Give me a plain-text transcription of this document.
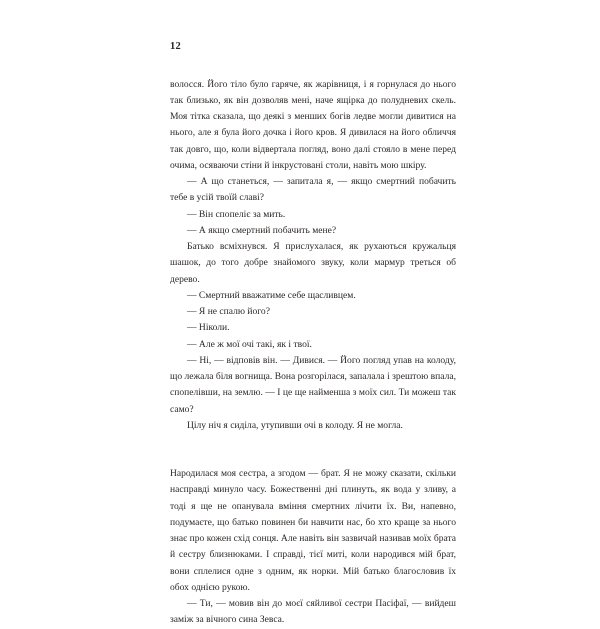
12

волосся. Його тіло було гаряче, як жарівниця, і я горнулася до нього так близько, як він дозволяв мені, наче ящірка до полудневих скель. Моя тітка сказала, що деякі з менших богів ледве могли дивитися на нього, але я була його дочка і його кров. Я дивилася на його обличчя так довго, що, коли відвертала погляд, воно далі стояло в мене перед очима, осяваючи стіни й інкрустовані столи, навіть мою шкіру.

— А що станеться, — запитала я, — якщо смертний побачить тебе в усій твоїй славі?

— Він спопеліє за мить.

— А якщо смертний побачить мене?

Батько всміхнувся. Я прислухалася, як рухаються кружальця шашок, до того добре знайомого звуку, коли мармур треться об дерево.

— Смертний вважатиме себе щасливцем.

— Я не спалю його?

— Ніколи.

— Але ж мої очі такі, як і твої.

— Ні, — відповів він. — Дивися. — Його погляд упав на колоду, що лежала біля вогнища. Вона розгорілася, запалала і зрештою впала, спопелівши, на землю. — І це ще найменша з моїх сил. Ти можеш так само?

Цілу ніч я сиділа, утупивши очі в колоду. Я не могла.

Народилася моя сестра, а згодом — брат. Я не можу сказати, скільки насправді минуло часу. Божественні дні плинуть, як вода у зливу, а тоді я ще не опанувала вміння смертних лічити їх. Ви, напевно, подумаєте, що батько повинен би навчити нас, бо хто краще за нього знає про кожен схід сонця. Але навіть він зазвичай називав моїх брата й сестру близнюками. І справді, тієї миті, коли народився мій брат, вони сплелися одне з одним, як норки. Мій батько благословив їх обох однією рукою.

— Ти, — мовив він до моєї сяйливої сестри Пасіфаї, — вийдеш заміж за вічного сина Зевса.
